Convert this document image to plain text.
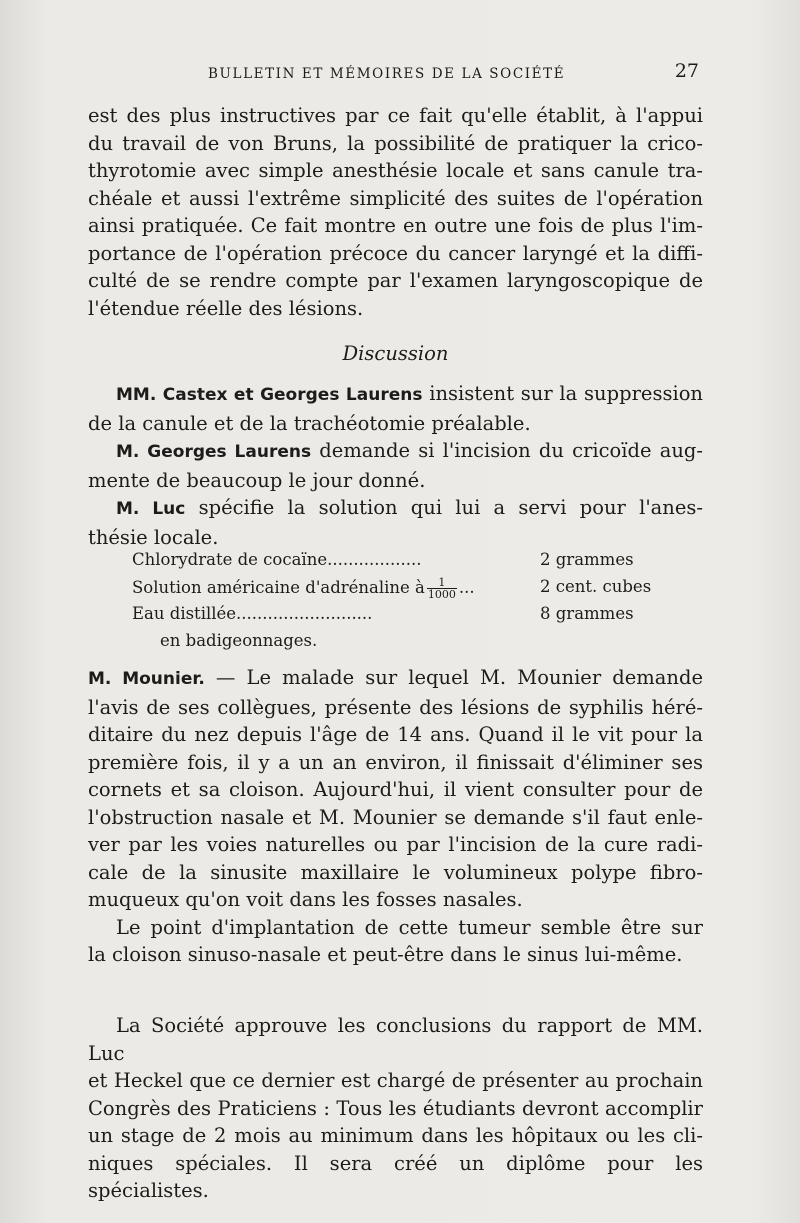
BULLETIN ET MÉMOIRES DE LA SOCIÉTÉ	27
est des plus instructives par ce fait qu'elle établit, à l'appui
du travail de von Bruns, la possibilité de pratiquer la crico-
thyrotomie avec simple anesthésie locale et sans canule tra-
chéale et aussi l'extrême simplicité des suites de l'opération
ainsi pratiquée. Ce fait montre en outre une fois de plus l'im-
portance de l'opération précoce du cancer laryngé et la diffi-
culté de se rendre compte par l'examen laryngoscopique de
l'étendue réelle des lésions.
Discussion
MM. Castex et Georges Laurens insistent sur la suppression
de la canule et de la trachéotomie préalable.
M. Georges Laurens demande si l'incision du cricoïde aug-
mente de beaucoup le jour donné.
M. Luc spécifie la solution qui lui a servi pour l'anes-
thésie locale.
Chlorydrate de cocaïne..................	2 grammes
Solution américaine d'adrénaline à $\frac{1}{1000}$ ...	2 cent. cubes
Eau distillée..........................	8 grammes
en badigeonnages.
M. Mounier. — Le malade sur lequel M. Mounier demande
l'avis de ses collègues, présente des lésions de syphilis héré-
ditaire du nez depuis l'âge de 14 ans. Quand il le vit pour la
première fois, il y a un an environ, il finissait d'éliminer ses
cornets et sa cloison. Aujourd'hui, il vient consulter pour de
l'obstruction nasale et M. Mounier se demande s'il faut enle-
ver par les voies naturelles ou par l'incision de la cure radi-
cale de la sinusite maxillaire le volumineux polype fibro-
muqueux qu'on voit dans les fosses nasales.
Le point d'implantation de cette tumeur semble être sur
la cloison sinuso-nasale et peut-être dans le sinus lui-même.
La Société approuve les conclusions du rapport de MM. Luc
et Heckel que ce dernier est chargé de présenter au prochain
Congrès des Praticiens : Tous les étudiants devront accomplir
un stage de 2 mois au minimum dans les hôpitaux ou les cli-
niques spéciales. Il sera créé un diplôme pour les spécialistes.
